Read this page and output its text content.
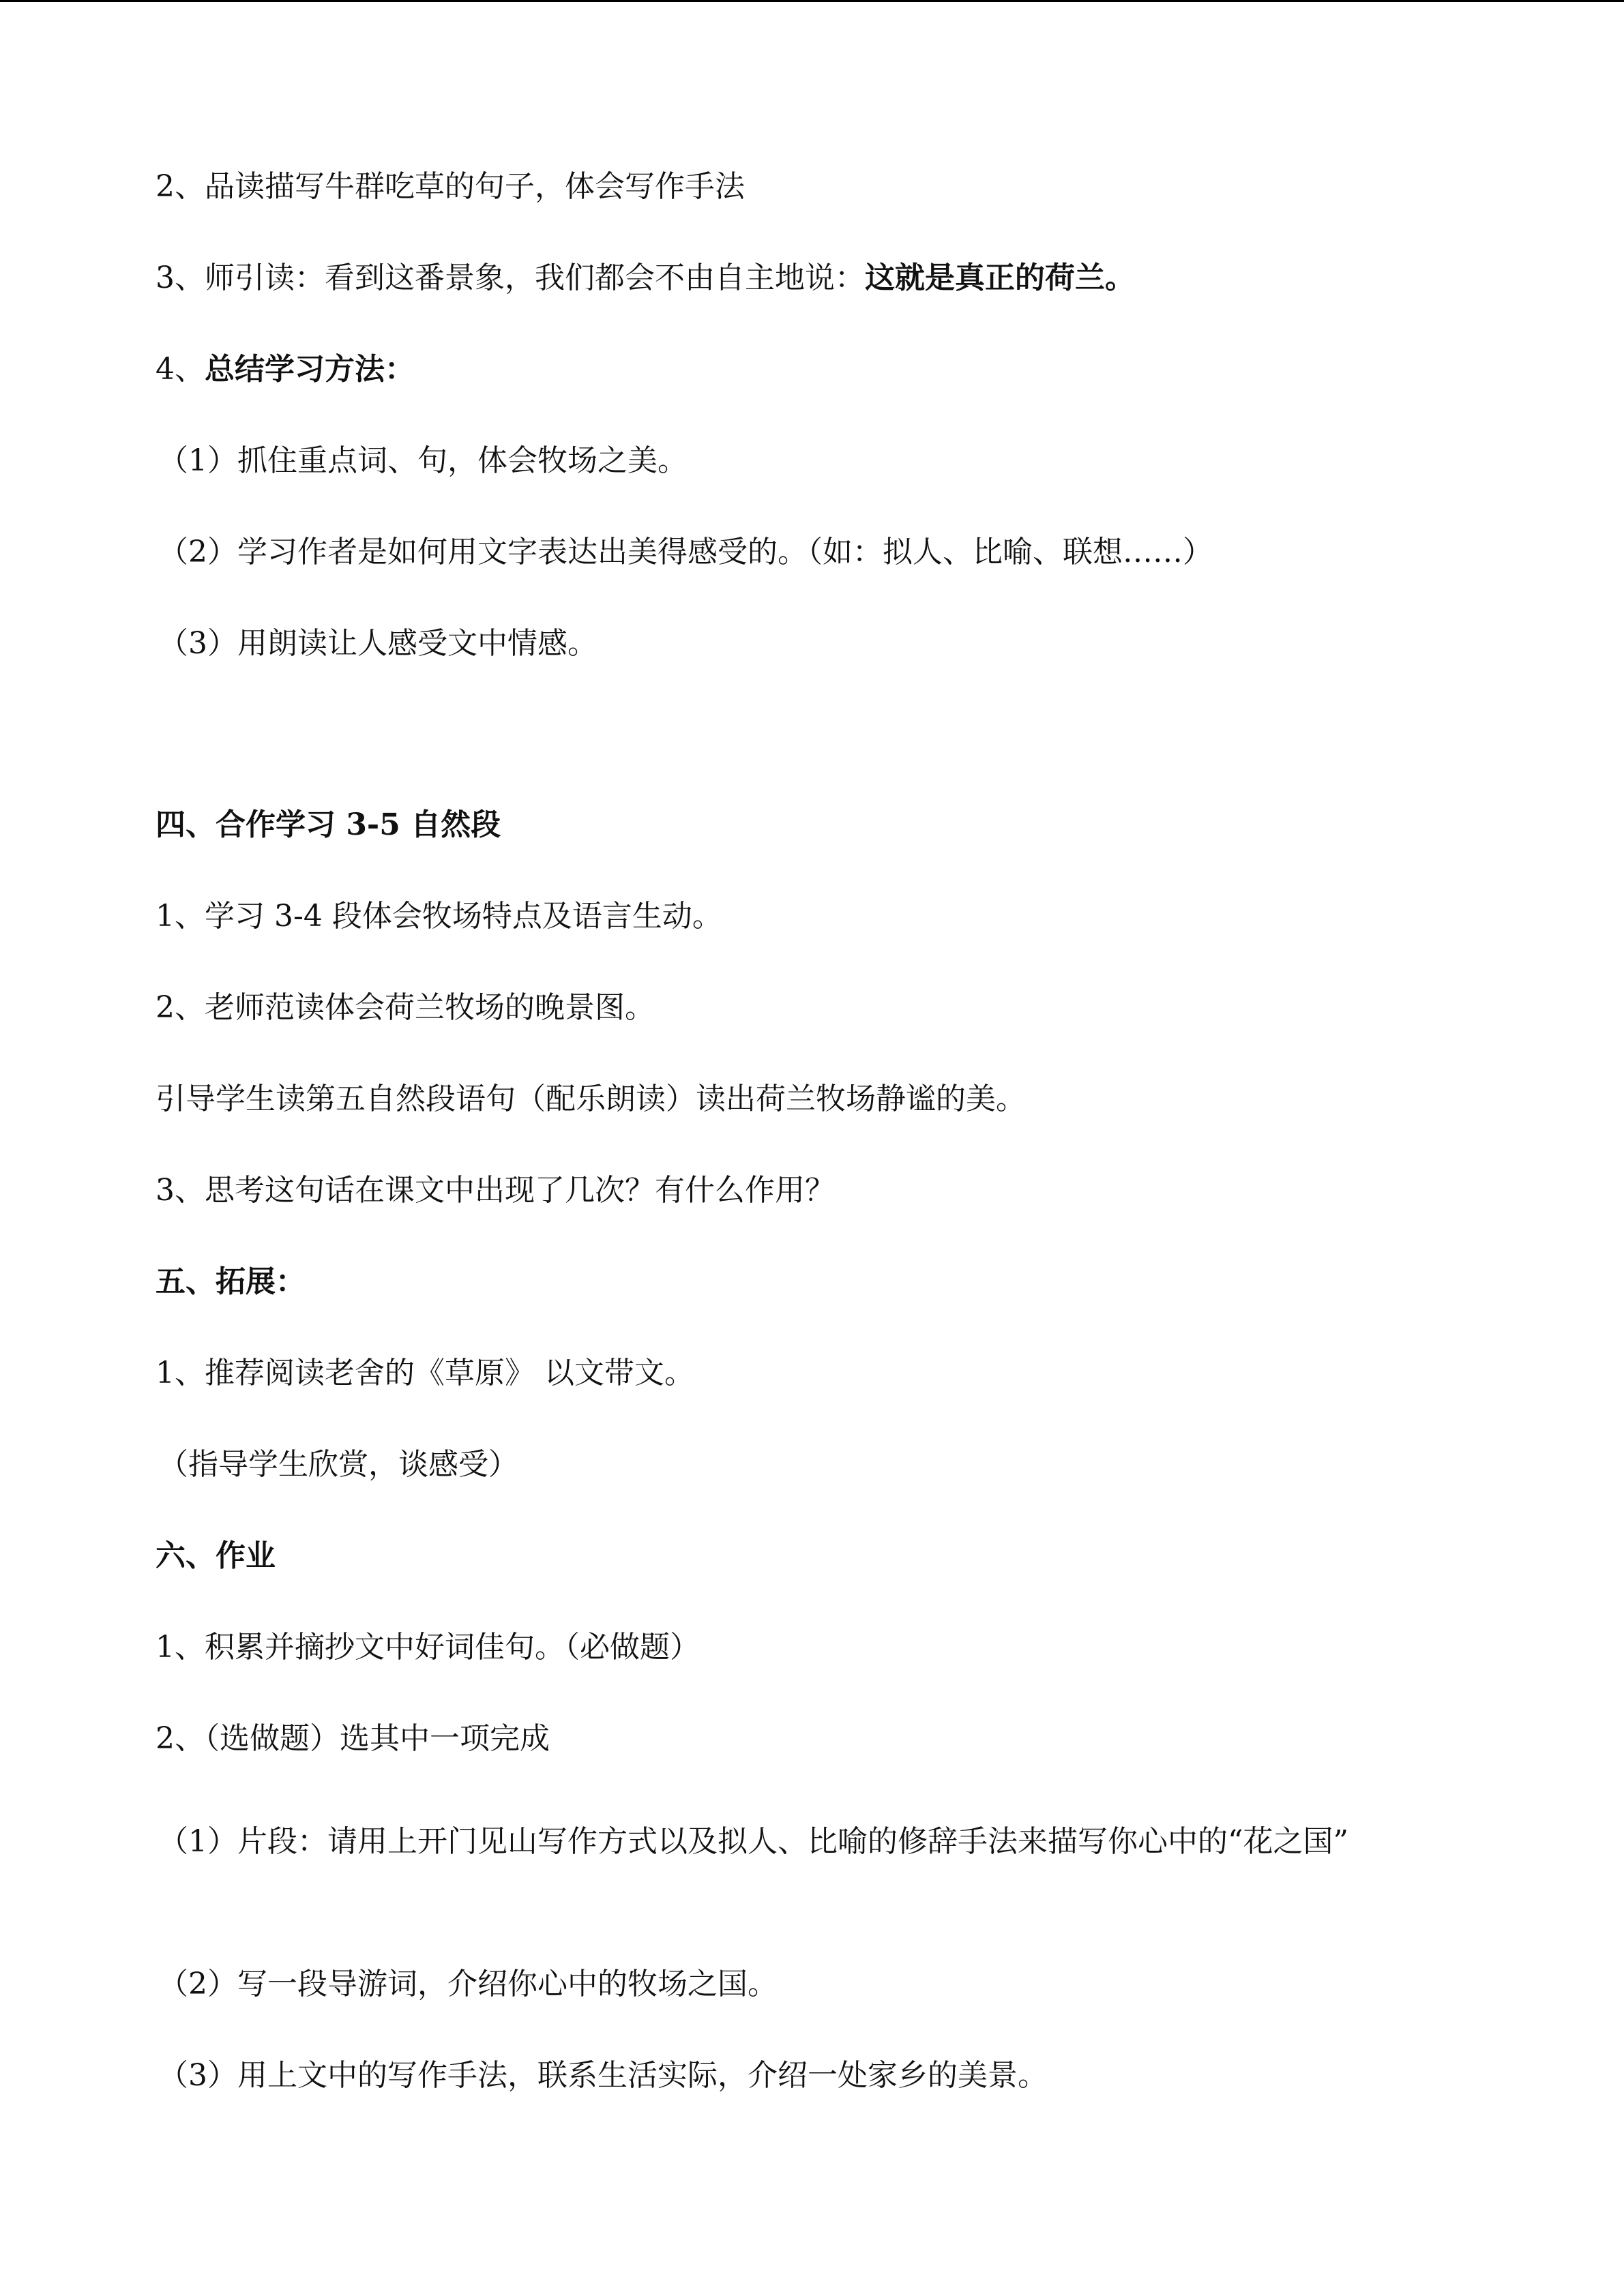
2、品读描写牛群吃草的句子，体会写作手法
3、师引读：看到这番景象，我们都会不由自主地说：这就是真正的荷兰。
4、总结学习方法：
（1）抓住重点词、句，体会牧场之美。
（2）学习作者是如何用文字表达出美得感受的。（如：拟人、比喻、联想……）
（3）用朗读让人感受文中情感。
四、合作学习 3-5 自然段
1、学习 3-4 段体会牧场特点及语言生动。
2、老师范读体会荷兰牧场的晚景图。
引导学生读第五自然段语句（配乐朗读）读出荷兰牧场静谧的美。
3、思考这句话在课文中出现了几次？有什么作用？
五、拓展：
1、推荐阅读老舍的《草原》 以文带文。
（指导学生欣赏，谈感受）
六、作业
1、积累并摘抄文中好词佳句。（必做题）
2、（选做题）选其中一项完成
（1）片段：请用上开门见山写作方式以及拟人、比喻的修辞手法来描写你心中的“花之国”
（2）写一段导游词，介绍你心中的牧场之国。
（3）用上文中的写作手法，联系生活实际，介绍一处家乡的美景。
